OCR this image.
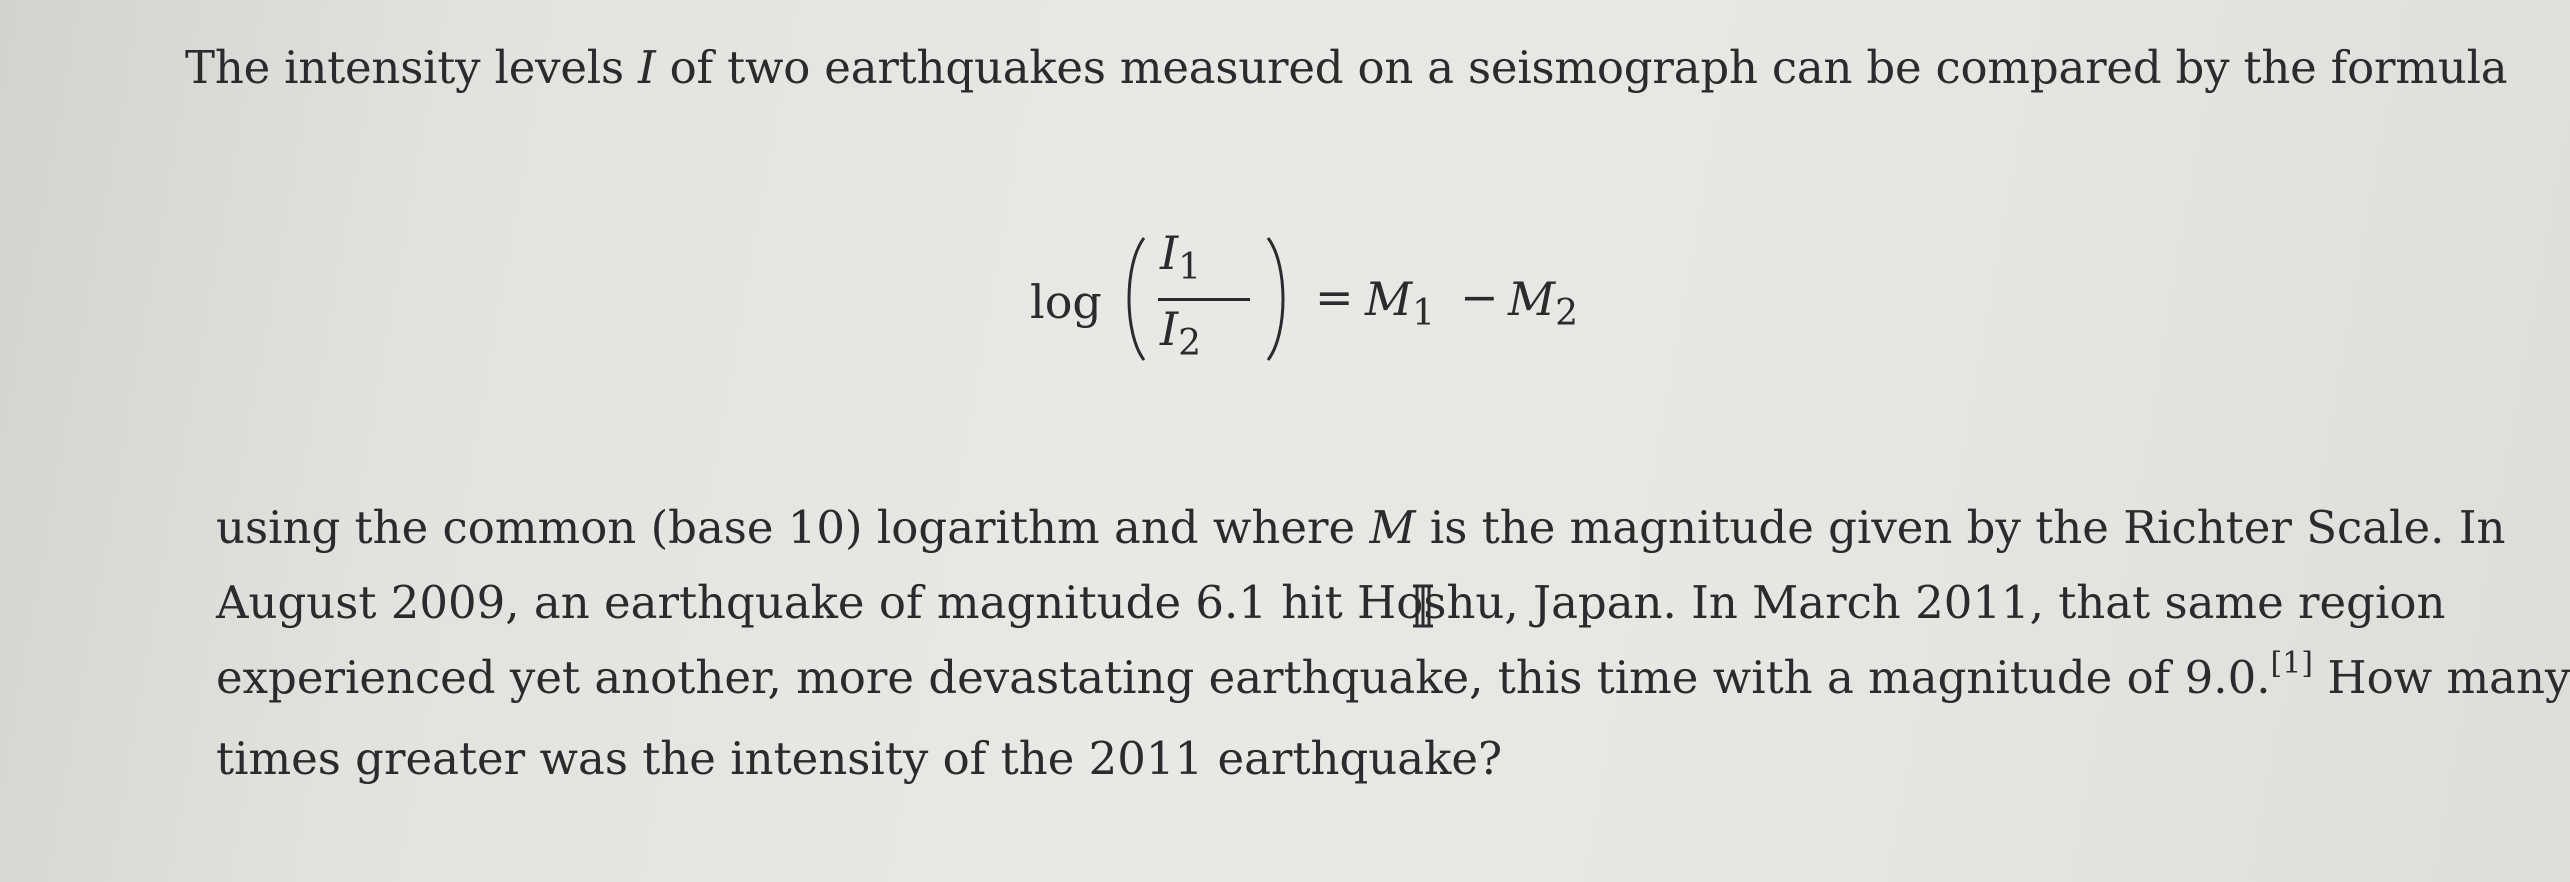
The intensity levels I of two earthquakes measured on a seismograph can be compared by the formula
log
$I_1$
$I_2$
= $M_1 - M_2$
using the common (base 10) logarithm and where M is the magnitude given by the Richter Scale. In
August 2009, an earthquake of magnitude 6.1 hit Ho
shu, Japan. In March 2011, that same region
experienced yet another, more devastating earthquake, this time with a magnitude of 9.0.[1] How many
times greater was the intensity of the 2011 earthquake?
